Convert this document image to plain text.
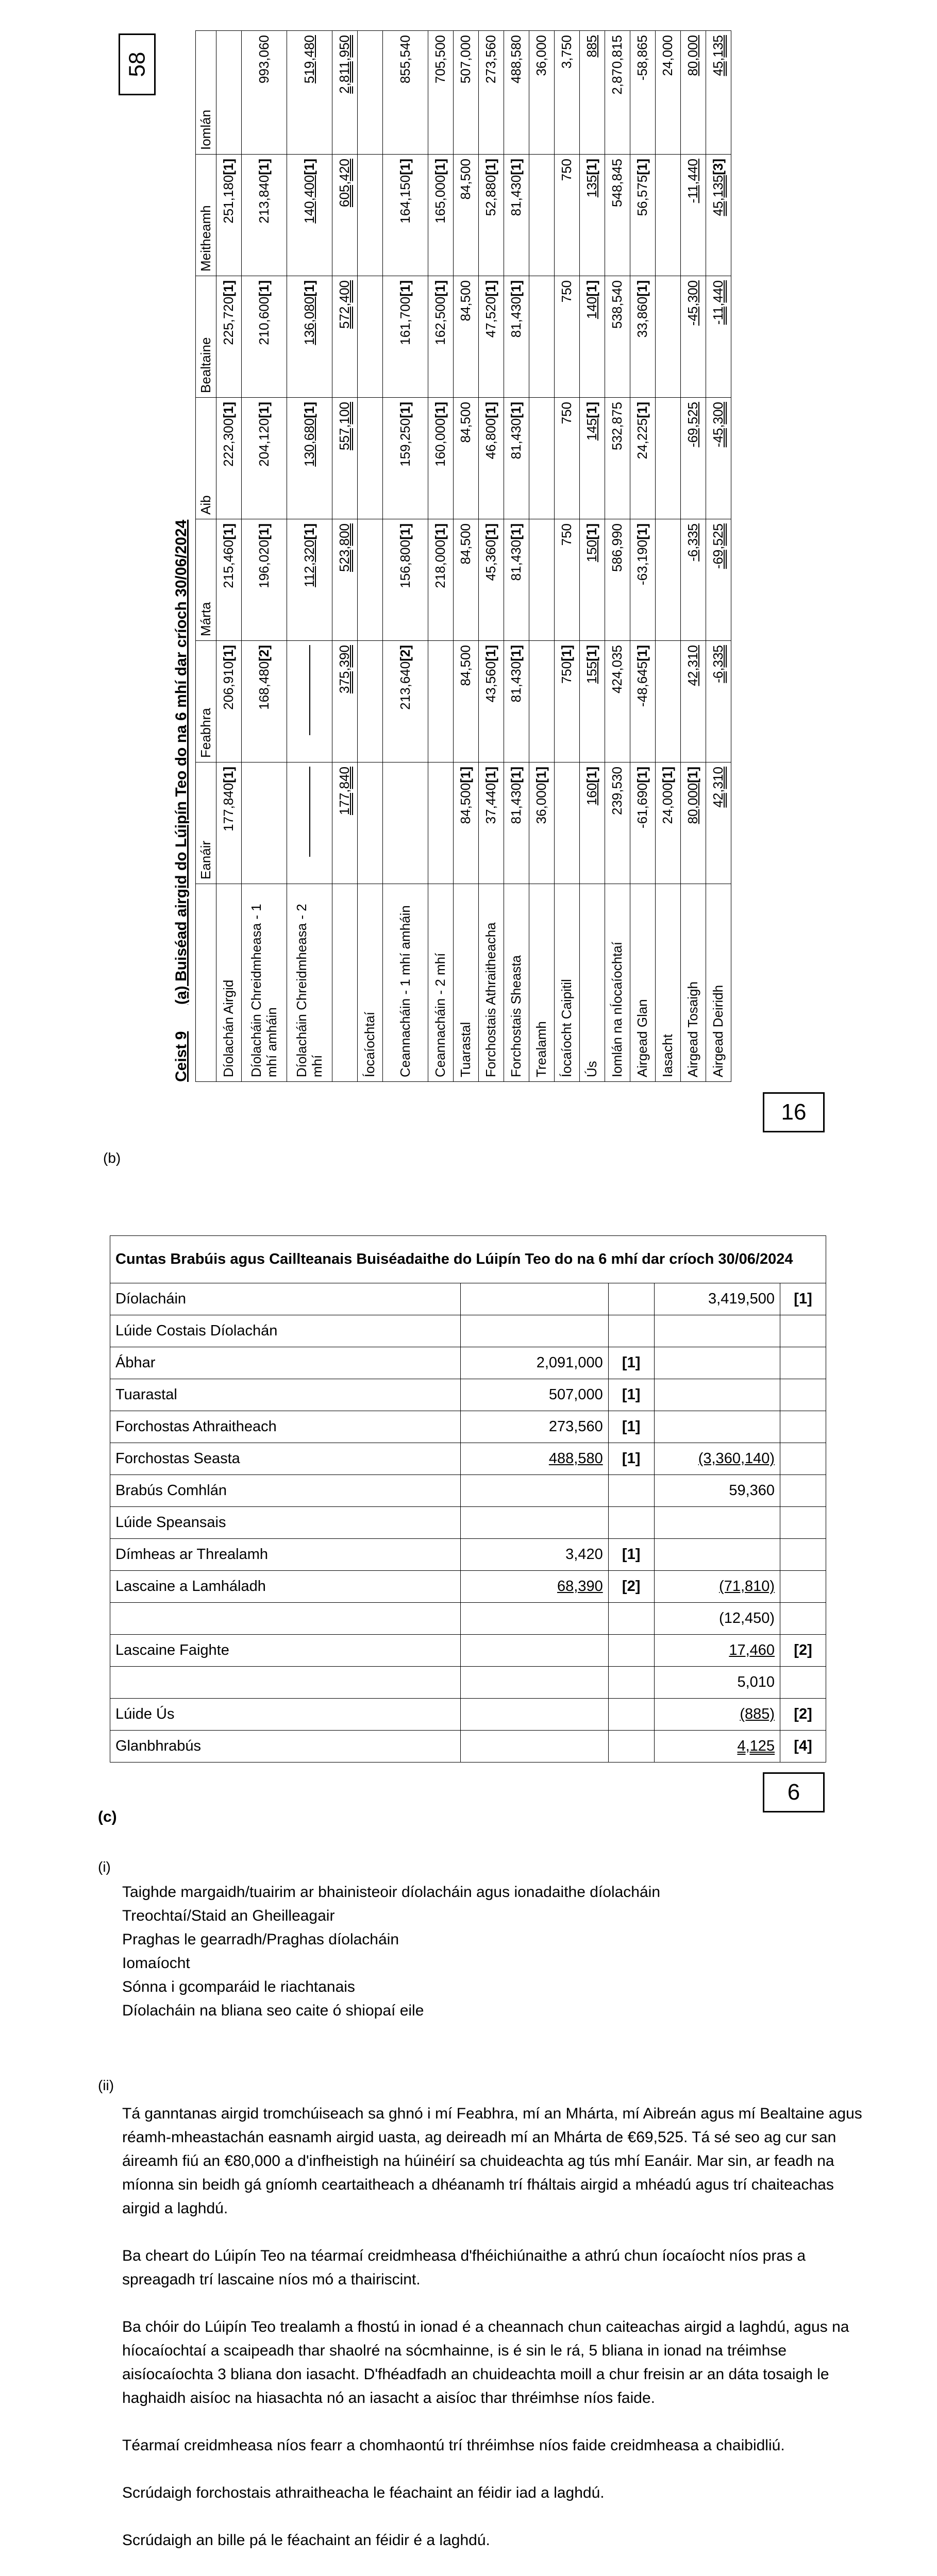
58
16
6
Ceist 9
(a) Buiséad airgid do Lúipín Teo do na 6 mhí dar críoch 30/06/2024
	Eanáir	Feabhra	Márta	Aib	Bealtaine	Meitheamh	Iomlán
Díolachán Airgid	177,840[1]	206,910[1]	215,460[1]	222,300[1]	225,720[1]	251,180[1]	
Díolacháin Chreidmheasa - 1 mhí amháin		168,480[2]	196,020[1]	204,120[1]	210,600[1]	213,840[1]	993,060
Díolacháin Chreidmheasa - 2 mhí			112,320[1]	130,680[1]	136,080[1]	140,400[1]	519,480
	177,840	375,390	523,800	557,100	572,400	605,420	2,811,950
Íocaíochtaí							
Ceannacháin - 1 mhí amháin		213,640[2]	156,800[1]	159,250[1]	161,700[1]	164,150[1]	855,540
Ceannacháin - 2 mhí			218,000[1]	160,000[1]	162,500[1]	165,000[1]	705,500
Tuarastal	84,500[1]	84,500	84,500	84,500	84,500	84,500	507,000
Forchostais Athraitheacha	37,440[1]	43,560[1]	45,360[1]	46,800[1]	47,520[1]	52,880[1]	273,560
Forchostais Sheasta	81,430[1]	81,430[1]	81,430[1]	81,430[1]	81,430[1]	81,430[1]	488,580
Trealamh	36,000[1]						36,000
Íocaíocht Caipitil		750[1]	750	750	750	750	3,750
Ús	160[1]	155[1]	150[1]	145[1]	140[1]	135[1]	885
Iomlán na nÍocaíochtaí	239,530	424,035	586,990	532,875	538,540	548,845	2,870,815
Airgead Glan	-61,690[1]	-48,645[1]	-63,190[1]	24,225[1]	33,860[1]	56,575[1]	-58,865
Iasacht	24,000[1]						24,000
Airgead Tosaigh	80,000[1]	42,310	-6,335	-69,525	-45,300	-11,440	80,000
Airgead Deiridh	42,310	-6,335	-69,525	-45,300	-11,440	45,135[3]	45,135
(b)
Cuntas Brabúis agus Caillteanais Buiséadaithe do Lúipín Teo do na 6 mhí dar críoch 30/06/2024				
Díolacháin			3,419,500	[1]
Lúide Costais Díolachán				
Ábhar	2,091,000	[1]		
Tuarastal	507,000	[1]		
Forchostas Athraitheach	273,560	[1]		
Forchostas Seasta	488,580	[1]	(3,360,140)	
Brabús Comhlán			59,360	
Lúide Speansais				
Dímheas ar Threalamh	3,420	[1]		
Lascaine a Lamháladh	68,390	[2]	(71,810)	
			(12,450)	
Lascaine Faighte			17,460	[2]
			5,010	
Lúide Ús			(885)	[2]
Glanbhrabús			4,125	[4]
(c)
(i)
Taighde margaidh/tuairim ar bhainisteoir díolacháin agus ionadaithe díolacháin
Treochtaí/Staid an Gheilleagair
Praghas le gearradh/Praghas díolacháin
Iomaíocht
Sónna i gcomparáid le riachtanais
Díolacháin na bliana seo caite ó shiopaí eile
(ii)

Tá ganntanas airgid tromchúiseach sa ghnó i mí Feabhra, mí an Mhárta, mí Aibreán agus mí Bealtaine agus réamh-mheastachán easnamh airgid uasta, ag deireadh mí an Mhárta de €69,525. Tá sé seo ag cur san áireamh fiú an €80,000 a d'infheistigh na húinéirí sa chuideachta ag tús mhí Eanáir. Mar sin, ar feadh na míonna sin beidh gá gníomh ceartaitheach a dhéanamh trí fháltais airgid a mhéadú agus trí chaiteachas airgid a laghdú.

Ba cheart do Lúipín Teo na téarmaí creidmheasa d'fhéichiúnaithe a athrú chun íocaíocht níos pras a spreagadh trí lascaine níos mó a thairiscint.

Ba chóir do Lúipín Teo trealamh a fhostú in ionad é a cheannach chun caiteachas airgid a laghdú, agus na híocaíochtaí a scaipeadh thar shaolré na sócmhainne, is é sin le rá, 5 bliana in ionad na tréimhse aisíocaíochta 3 bliana don iasacht. D'fhéadfadh an chuideachta moill a chur freisin ar an dáta tosaigh le haghaidh aisíoc na hiasachta nó an iasacht a aisíoc thar thréimhse níos faide.

Téarmaí creidmheasa níos fearr a chomhaontú trí thréimhse níos faide creidmheasa a chaibidliú.

Scrúdaigh forchostais athraitheacha le féachaint an féidir iad a laghdú.

Scrúdaigh an bille pá le féachaint an féidir é a laghdú.
